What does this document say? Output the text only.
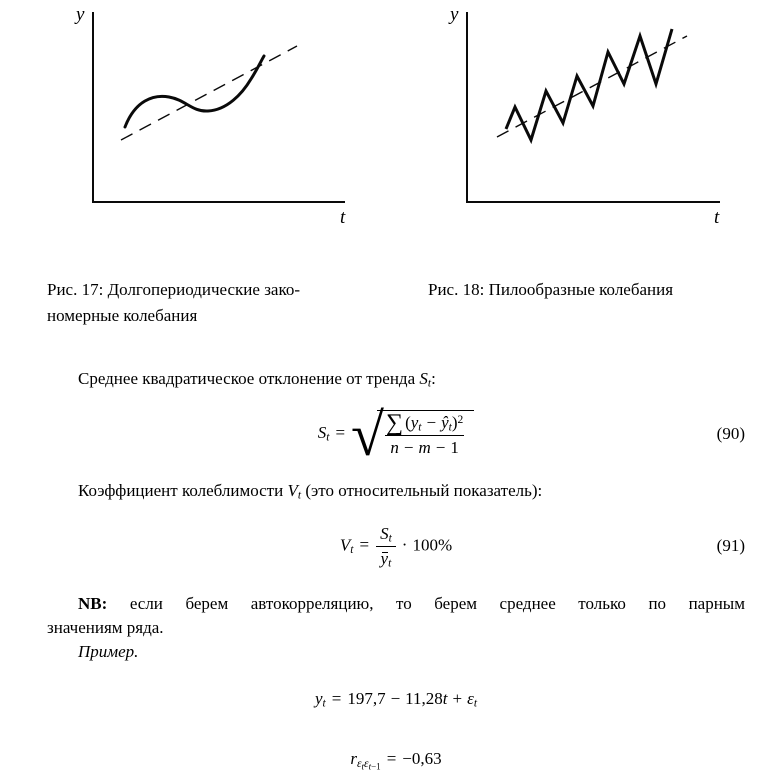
y
t
y
t
Рис. 17: Долгопериодические зако-
номерные колебания
Рис. 18: Пилообразные колебания

Среднее квадратическое отклонение от тренда $S_t$:

$S_t$ = √
$\frac{\sum (y_t - ŷ_t)^2}{n - m - 1}$	(90)

Коэффициент колеблимости $V_t$ (это относительный показатель):

$V_t = \frac{S_t}{y_t} \cdot 100\%$	(91)

NB: если берем автокорреляцию, то берем среднее только по парным
значениям ряда.

Пример.

$y_t = 197,7 - 11,28t + \varepsilon_t$
$r_{\varepsilon_t\varepsilon_{t-1}} = -0,63$
